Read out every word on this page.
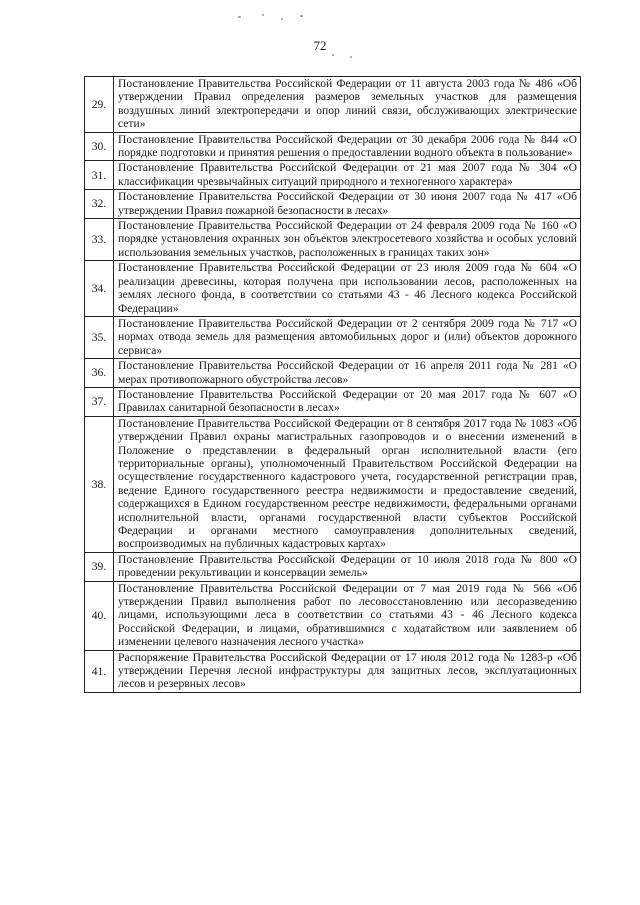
72
29.	Постановление Правительства Российской Федерации от 11 августа 2003 года № 486 «Об утверждении Правил определения размеров земельных участков для размещения воздушных линий электропередачи и опор линий связи, обслуживающих электрические сети»
30.	Постановление Правительства Российской Федерации от 30 декабря 2006 года № 844 «О порядке подготовки и принятия решения о предоставлении водного объекта в пользование»
31.	Постановление Правительства Российской Федерации от 21 мая 2007 года № 304 «О классификации чрезвычайных ситуаций природного и техногенного характера»
32.	Постановление Правительства Российской Федерации от 30 июня 2007 года № 417 «Об утверждении Правил пожарной безопасности в лесах»
33.	Постановление Правительства Российской Федерации от 24 февраля 2009 года № 160 «О порядке установления охранных зон объектов электросетевого хозяйства и особых условий использования земельных участков, расположенных в границах таких зон»
34.	Постановление Правительства Российской Федерации от 23 июля 2009 года № 604 «О реализации древесины, которая получена при использовании лесов, расположенных на землях лесного фонда, в соответствии со статьями 43 - 46 Лесного кодекса Российской Федерации»
35.	Постановление Правительства Российской Федерации от 2 сентября 2009 года № 717 «О нормах отвода земель для размещения автомобильных дорог и (или) объектов дорожного сервиса»
36.	Постановление Правительства Российской Федерации от 16 апреля 2011 года № 281 «О мерах противопожарного обустройства лесов»
37.	Постановление Правительства Российской Федерации от 20 мая 2017 года № 607 «О Правилах санитарной безопасности в лесах»
38.	Постановление Правительства Российской Федерации от 8 сентября 2017 года № 1083 «Об утверждении Правил охраны магистральных газопроводов и о внесении изменений в Положение о представлении в федеральный орган исполнительной власти (его территориальные органы), уполномоченный Правительством Российской Федерации на осуществление государственного кадастрового учета, государственной регистрации прав, ведение Единого государственного реестра недвижимости и предоставление сведений, содержащихся в Едином государственном реестре недвижимости, федеральными органами исполнительной власти, органами государственной власти субъектов Российской Федерации и органами местного самоуправления дополнительных сведений, воспроизводимых на публичных кадастровых картах»
39.	Постановление Правительства Российской Федерации от 10 июля 2018 года № 800 «О проведении рекультивации и консервации земель»
40.	Постановление Правительства Российской Федерации от 7 мая 2019 года № 566 «Об утверждении Правил выполнения работ по лесовосстановлению или лесоразведению лицами, использующими леса в соответствии со статьями 43 - 46 Лесного кодекса Российской Федерации, и лицами, обратившимися с ходатайством или заявлением об изменении целевого назначения лесного участка»
41.	Распоряжение Правительства Российской Федерации от 17 июля 2012 года № 1283-р «Об утверждении Перечня лесной инфраструктуры для защитных лесов, эксплуатационных лесов и резервных лесов»
